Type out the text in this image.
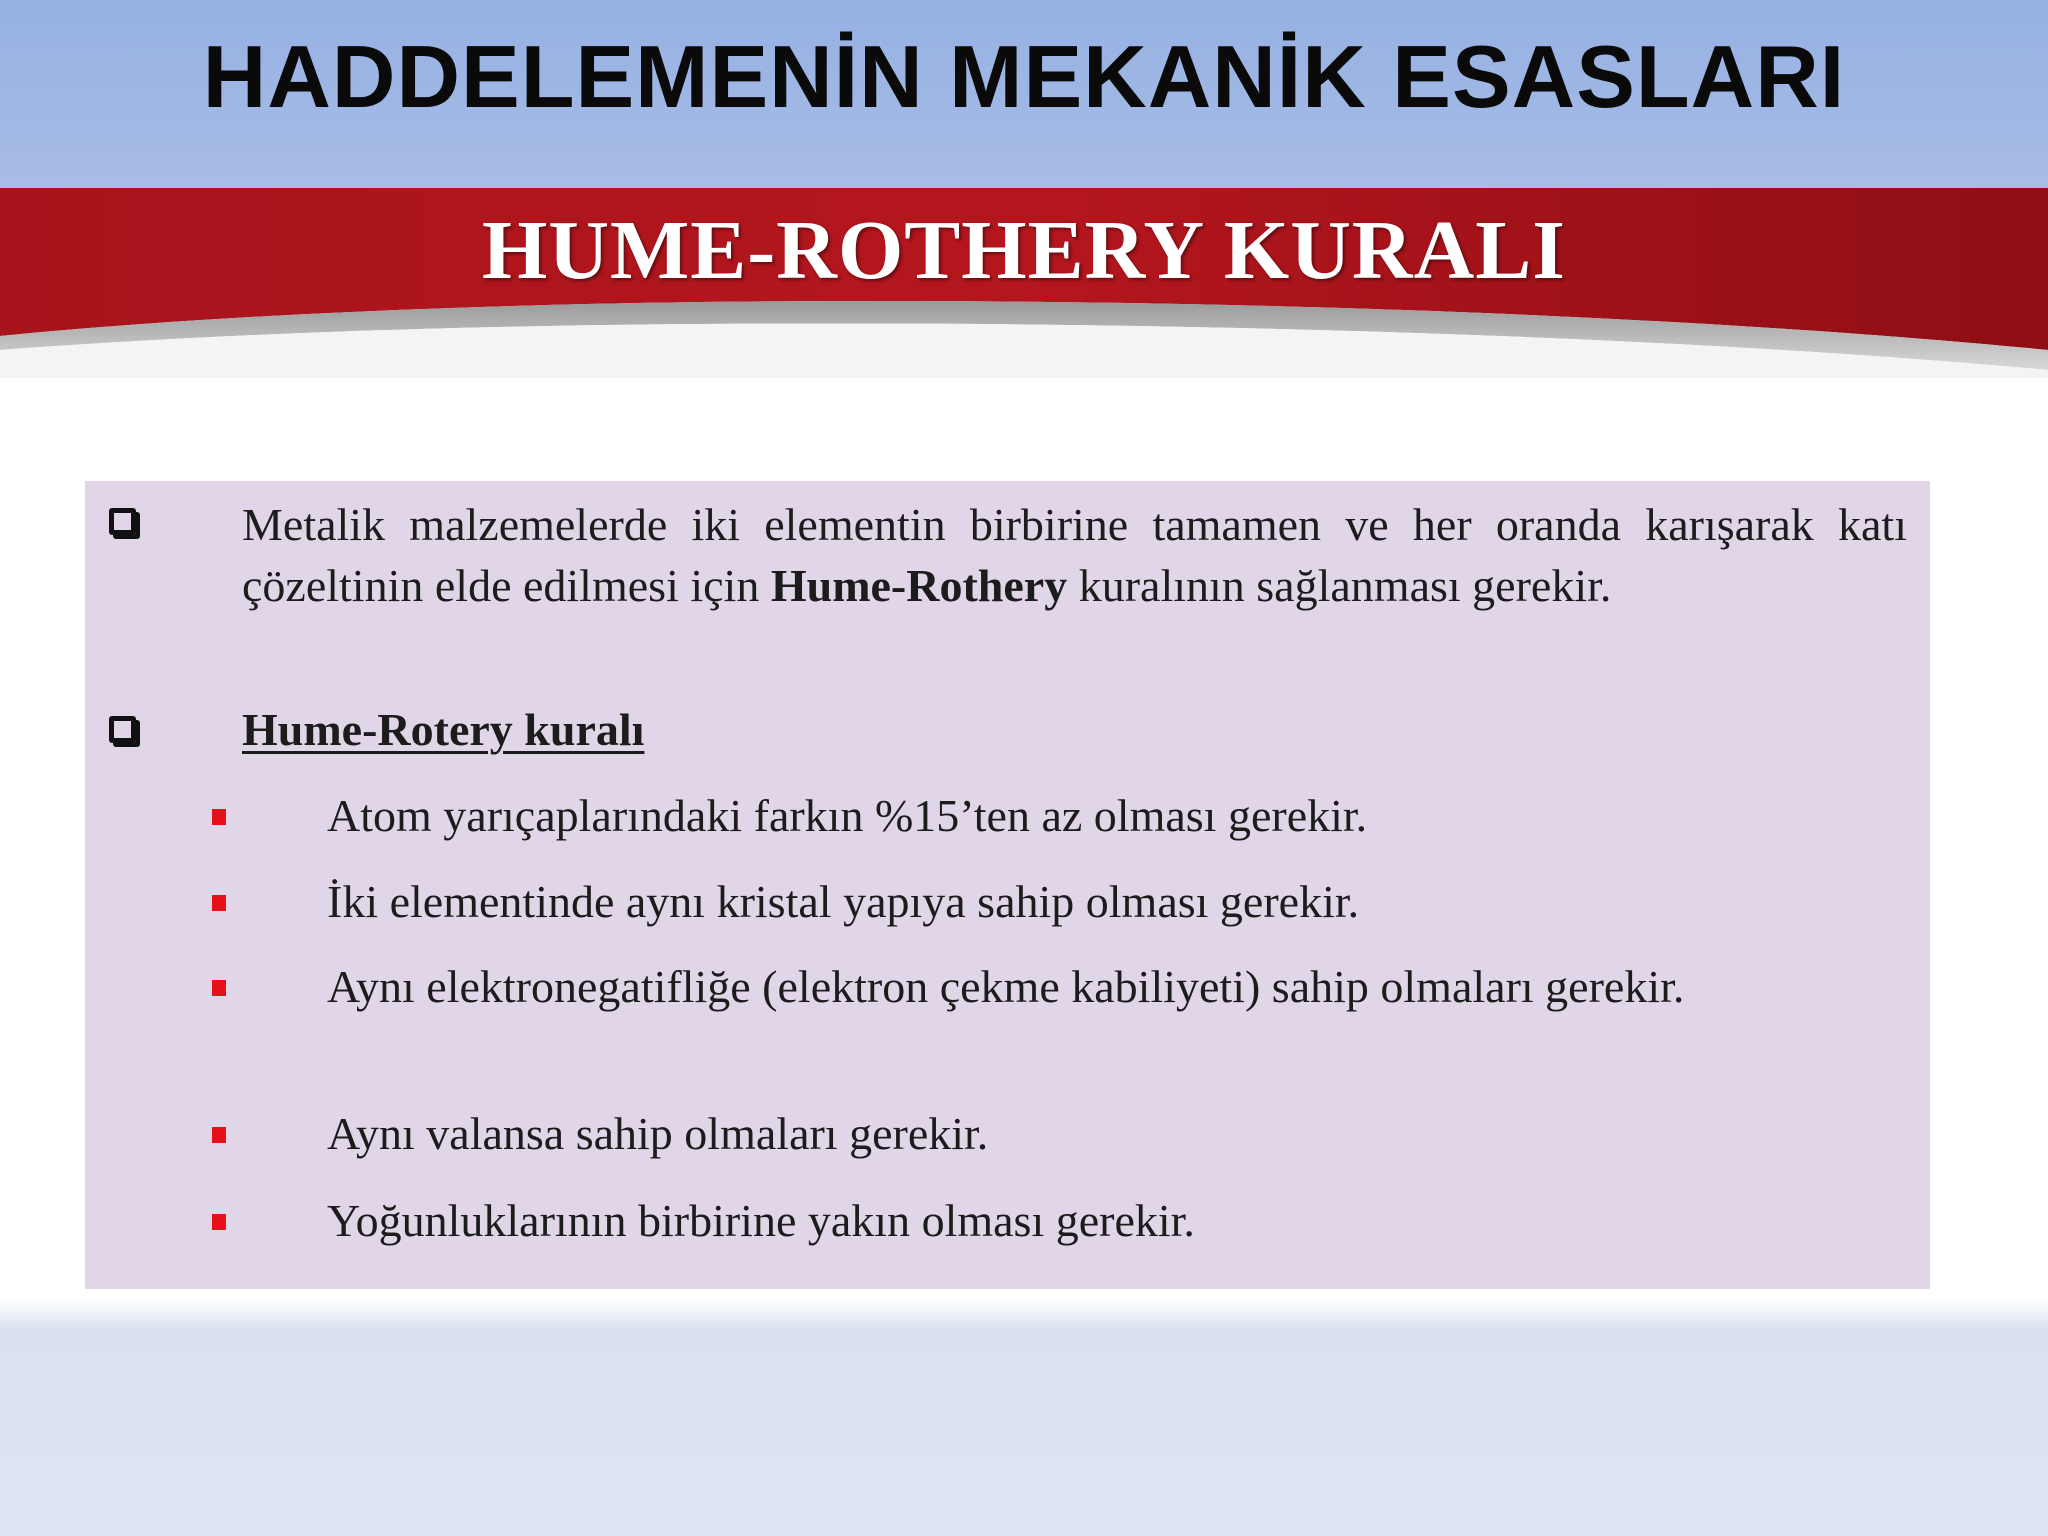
HADDELEMENİN MEKANİK ESASLARI
HUME-ROTHERY KURALI
Metalik malzemelerde iki elementin birbirine tamamen ve her oranda karışarak katı çözeltinin elde edilmesi için Hume-Rothery kuralının sağlanması gerekir.
Hume-Rotery kuralı
Atom yarıçaplarındaki farkın %15’ten az olması gerekir.
İki elementinde aynı kristal yapıya sahip olması gerekir.
Aynı elektronegatifliğe (elektron çekme kabiliyeti) sahip olmaları gerekir.
Aynı valansa sahip olmaları gerekir.
Yoğunluklarının birbirine yakın olması gerekir.
